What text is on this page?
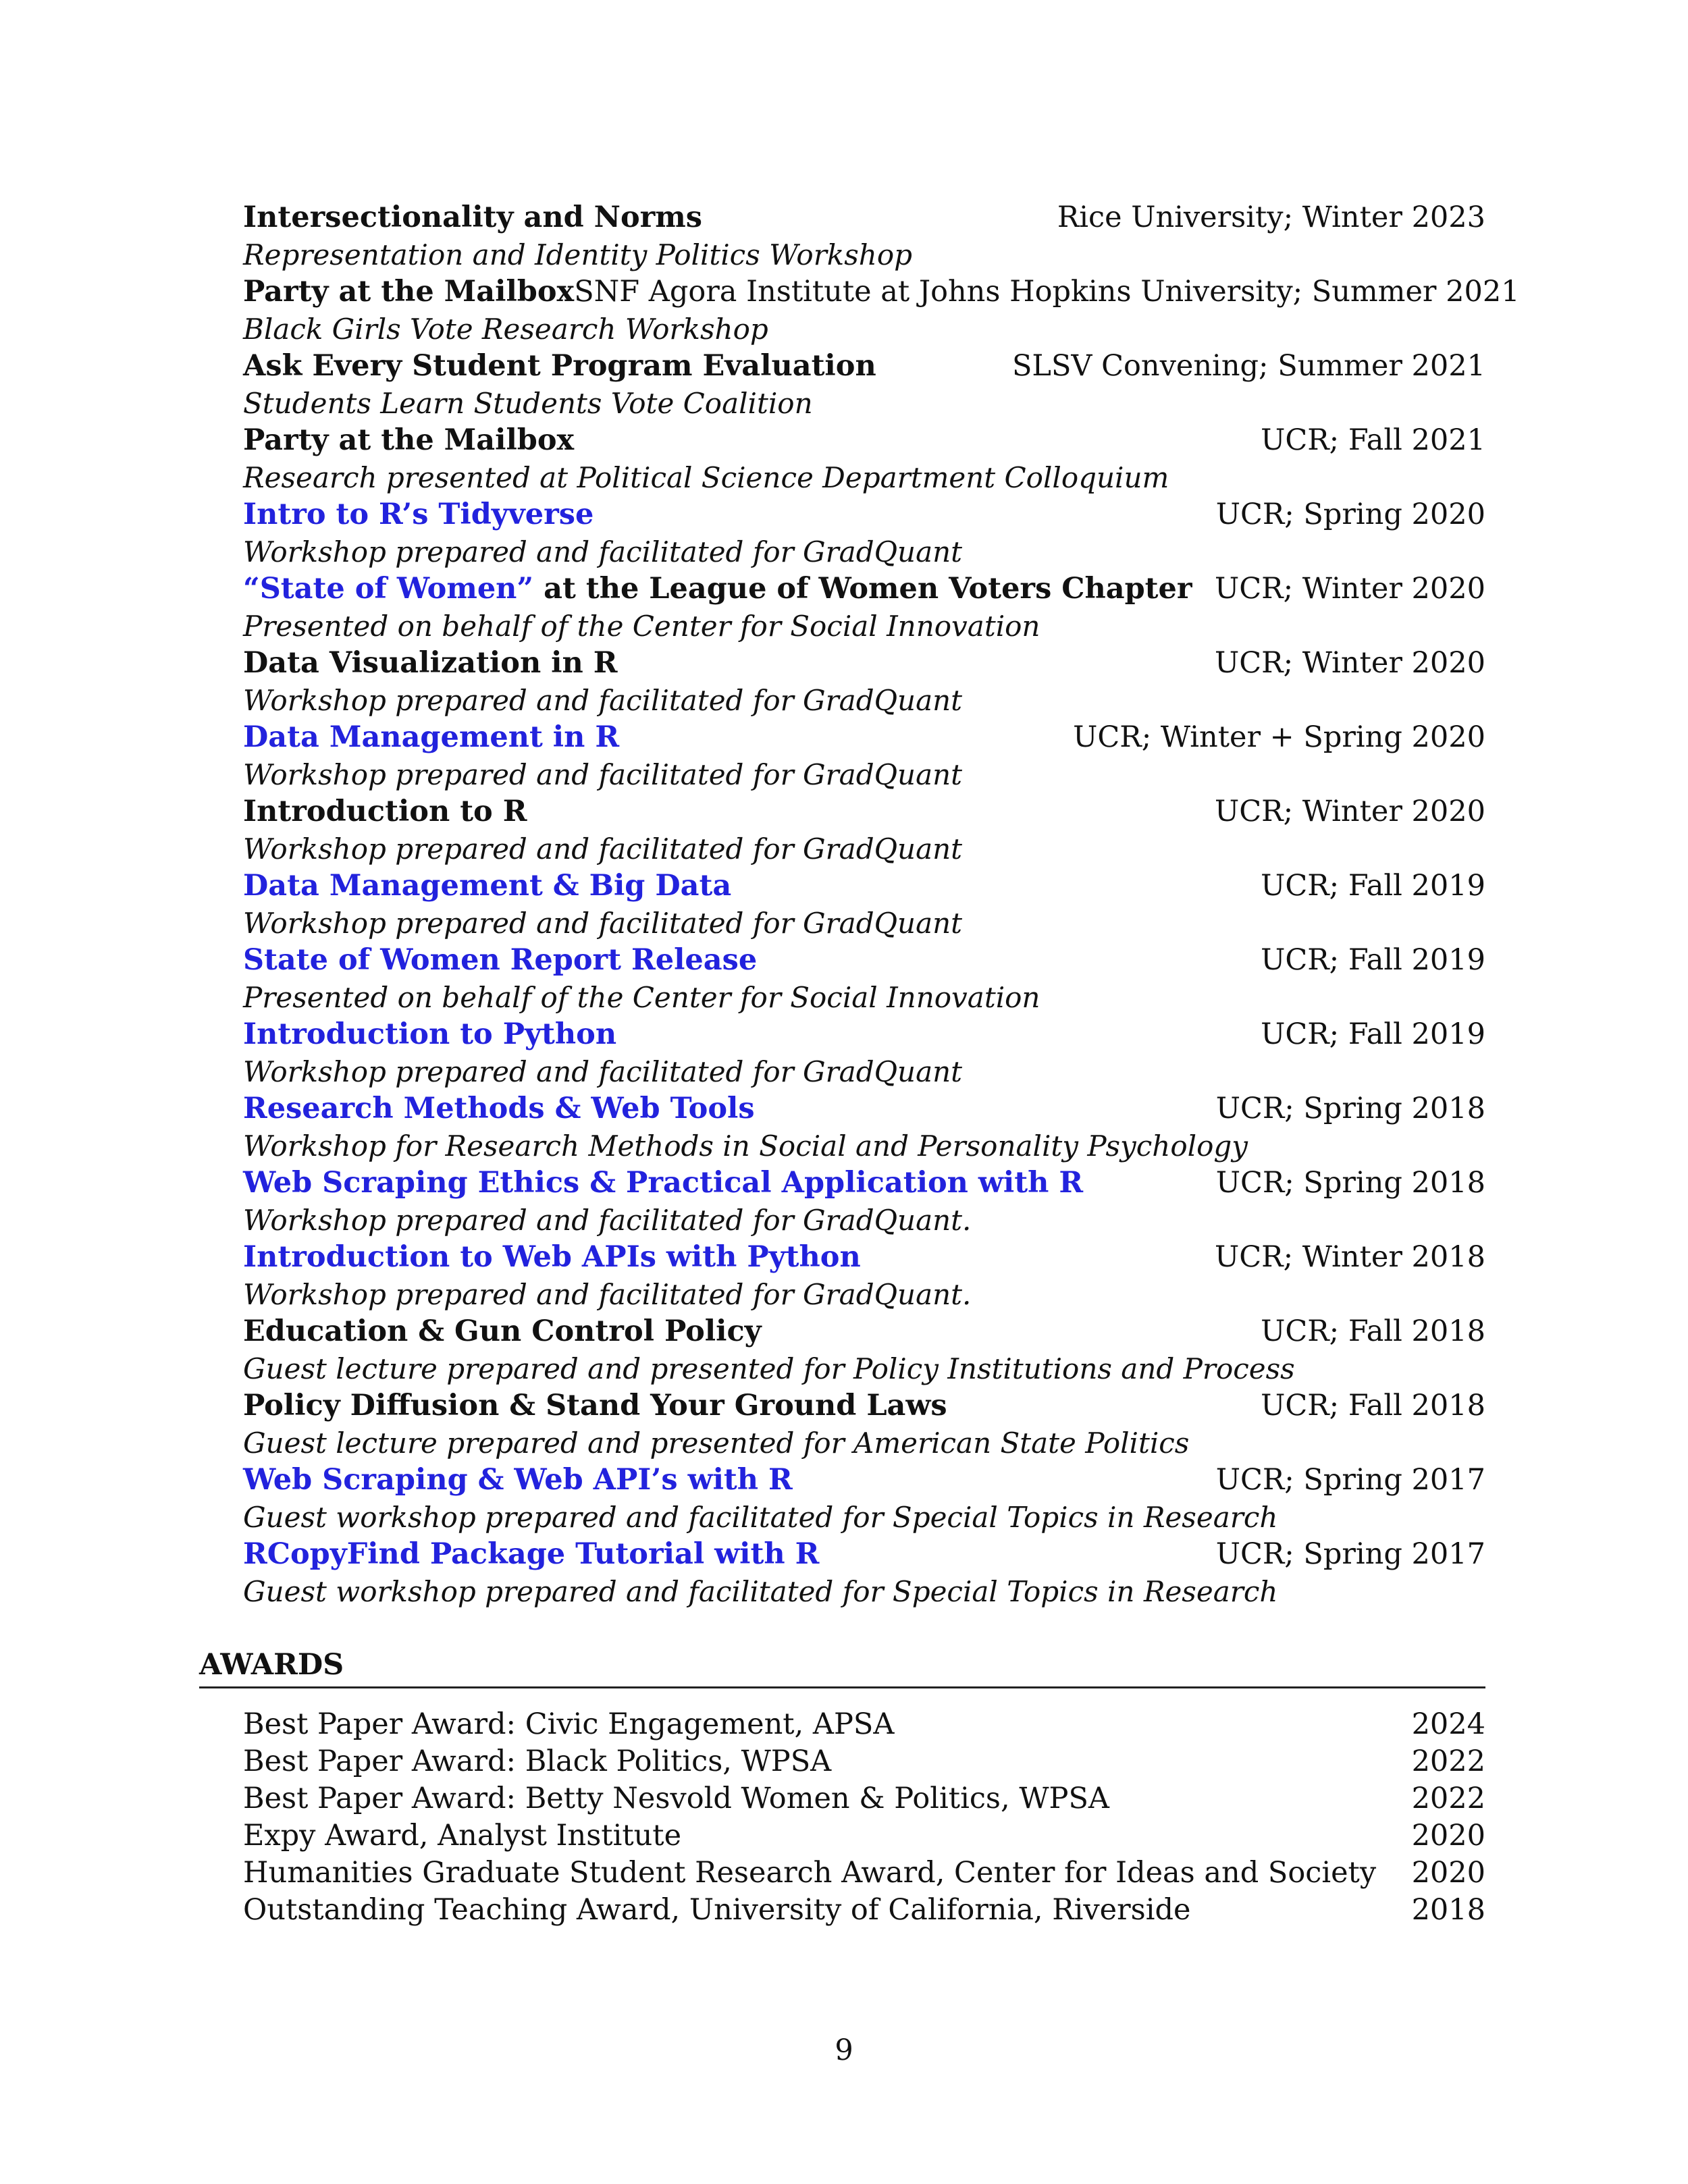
Intersectionality and Norms	Rice University; Winter 2023
Representation and Identity Politics Workshop
Party at the Mailbox SNF Agora Institute at Johns Hopkins University; Summer 2021
Black Girls Vote Research Workshop
Ask Every Student Program Evaluation	SLSV Convening; Summer 2021
Students Learn Students Vote Coalition
Party at the Mailbox	UCR; Fall 2021
Research presented at Political Science Department Colloquium
Intro to R’s Tidyverse	UCR; Spring 2020
Workshop prepared and facilitated for GradQuant
“State of Women” at the League of Women Voters Chapter UCR; Winter 2020
Presented on behalf of the Center for Social Innovation
Data Visualization in R	UCR; Winter 2020
Workshop prepared and facilitated for GradQuant
Data Management in R	UCR; Winter + Spring 2020
Workshop prepared and facilitated for GradQuant
Introduction to R	UCR; Winter 2020
Workshop prepared and facilitated for GradQuant
Data Management & Big Data	UCR; Fall 2019
Workshop prepared and facilitated for GradQuant
State of Women Report Release	UCR; Fall 2019
Presented on behalf of the Center for Social Innovation
Introduction to Python	UCR; Fall 2019
Workshop prepared and facilitated for GradQuant
Research Methods & Web Tools	UCR; Spring 2018
Workshop for Research Methods in Social and Personality Psychology
Web Scraping Ethics & Practical Application with R	UCR; Spring 2018
Workshop prepared and facilitated for GradQuant.
Introduction to Web APIs with Python	UCR; Winter 2018
Workshop prepared and facilitated for GradQuant.
Education & Gun Control Policy	UCR; Fall 2018
Guest lecture prepared and presented for Policy Institutions and Process
Policy Diffusion & Stand Your Ground Laws	UCR; Fall 2018
Guest lecture prepared and presented for American State Politics
Web Scraping & Web API’s with R	UCR; Spring 2017
Guest workshop prepared and facilitated for Special Topics in Research
RCopyFind Package Tutorial with R	UCR; Spring 2017
Guest workshop prepared and facilitated for Special Topics in Research
AWARDS
Best Paper Award: Civic Engagement, APSA	2024
Best Paper Award: Black Politics, WPSA	2022
Best Paper Award: Betty Nesvold Women & Politics, WPSA	2022
Expy Award, Analyst Institute	2020
Humanities Graduate Student Research Award, Center for Ideas and Society 2020
Outstanding Teaching Award, University of California, Riverside	2018
9
